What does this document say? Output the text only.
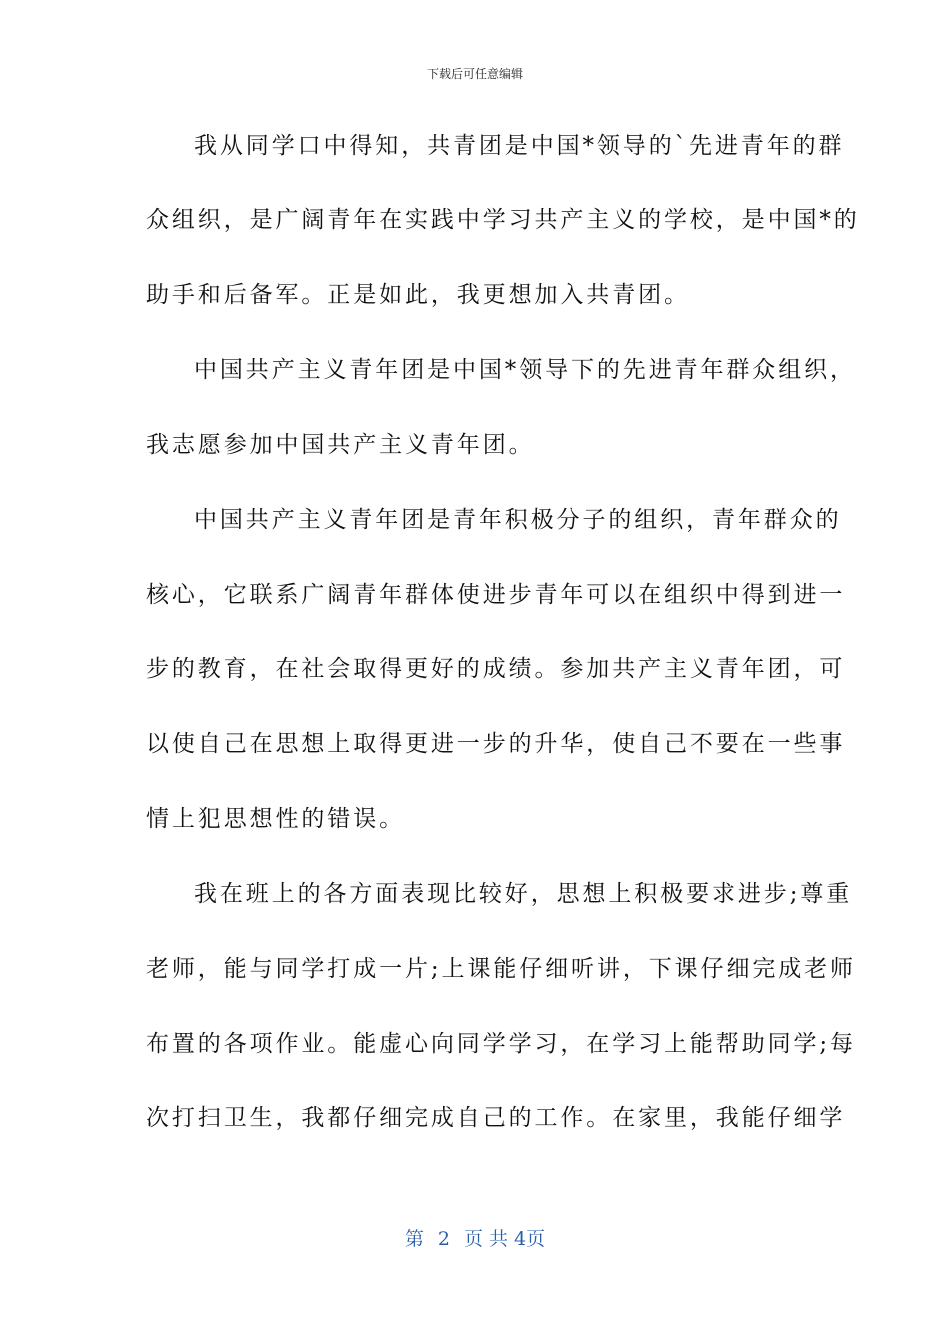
下载后可任意编辑
我从同学口中得知，共青团是中国*领导的`先进青年的群
众组织，是广阔青年在实践中学习共产主义的学校，是中国*的
助手和后备军。正是如此，我更想加入共青团。
中国共产主义青年团是中国*领导下的先进青年群众组织，
我志愿参加中国共产主义青年团。
中国共产主义青年团是青年积极分子的组织，青年群众的
核心，它联系广阔青年群体使进步青年可以在组织中得到进一
步的教育，在社会取得更好的成绩。参加共产主义青年团，可
以使自己在思想上取得更进一步的升华，使自己不要在一些事
情上犯思想性的错误。
我在班上的各方面表现比较好，思想上积极要求进步;尊重
老师，能与同学打成一片;上课能仔细听讲，下课仔细完成老师
布置的各项作业。能虚心向同学学习，在学习上能帮助同学;每
次打扫卫生，我都仔细完成自己的工作。在家里，我能仔细学
第 2 页 共 4页
